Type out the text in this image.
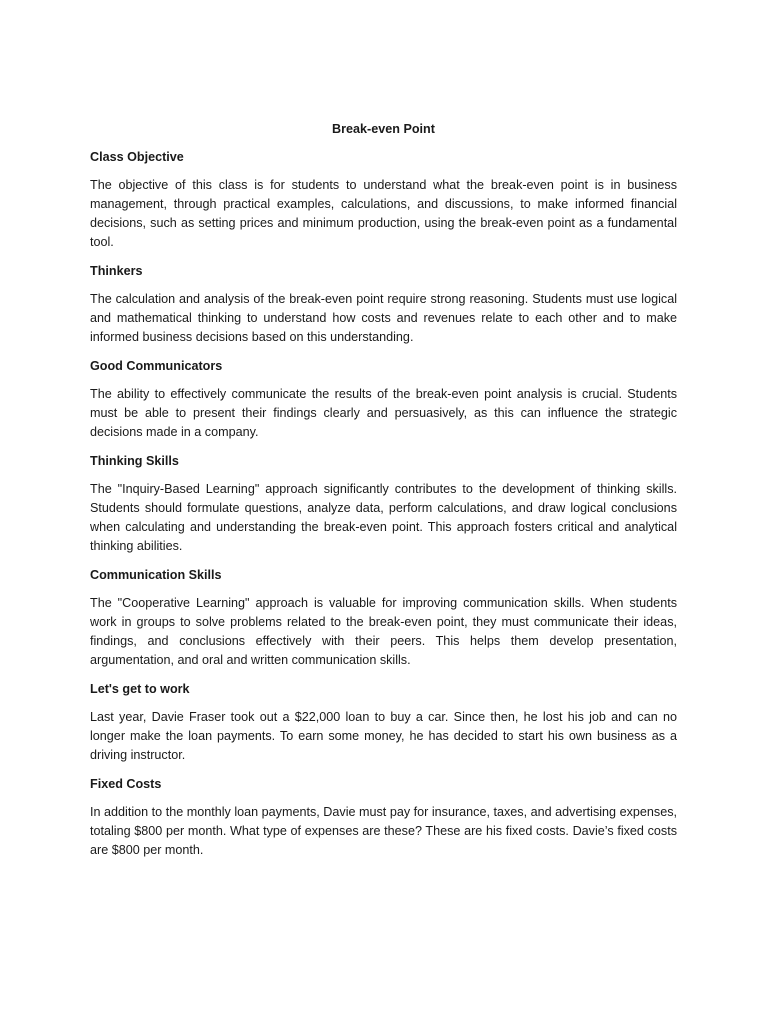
Break-even Point
Class Objective

The objective of this class is for students to understand what the break-even point is in business management, through practical examples, calculations, and discussions, to make informed financial decisions, such as setting prices and minimum production, using the break-even point as a fundamental tool.

Thinkers

The calculation and analysis of the break-even point require strong reasoning. Students must use logical and mathematical thinking to understand how costs and revenues relate to each other and to make informed business decisions based on this understanding.

Good Communicators

The ability to effectively communicate the results of the break-even point analysis is crucial. Students must be able to present their findings clearly and persuasively, as this can influence the strategic decisions made in a company.

Thinking Skills

The "Inquiry-Based Learning" approach significantly contributes to the development of thinking skills. Students should formulate questions, analyze data, perform calculations, and draw logical conclusions when calculating and understanding the break-even point. This approach fosters critical and analytical thinking abilities.

Communication Skills

The "Cooperative Learning" approach is valuable for improving communication skills. When students work in groups to solve problems related to the break-even point, they must communicate their ideas, findings, and conclusions effectively with their peers. This helps them develop presentation, argumentation, and oral and written communication skills.

Let's get to work

Last year, Davie Fraser took out a $22,000 loan to buy a car. Since then, he lost his job and can no longer make the loan payments. To earn some money, he has decided to start his own business as a driving instructor.

Fixed Costs

In addition to the monthly loan payments, Davie must pay for insurance, taxes, and advertising expenses, totaling $800 per month. What type of expenses are these? These are his fixed costs. Davie’s fixed costs are $800 per month.
